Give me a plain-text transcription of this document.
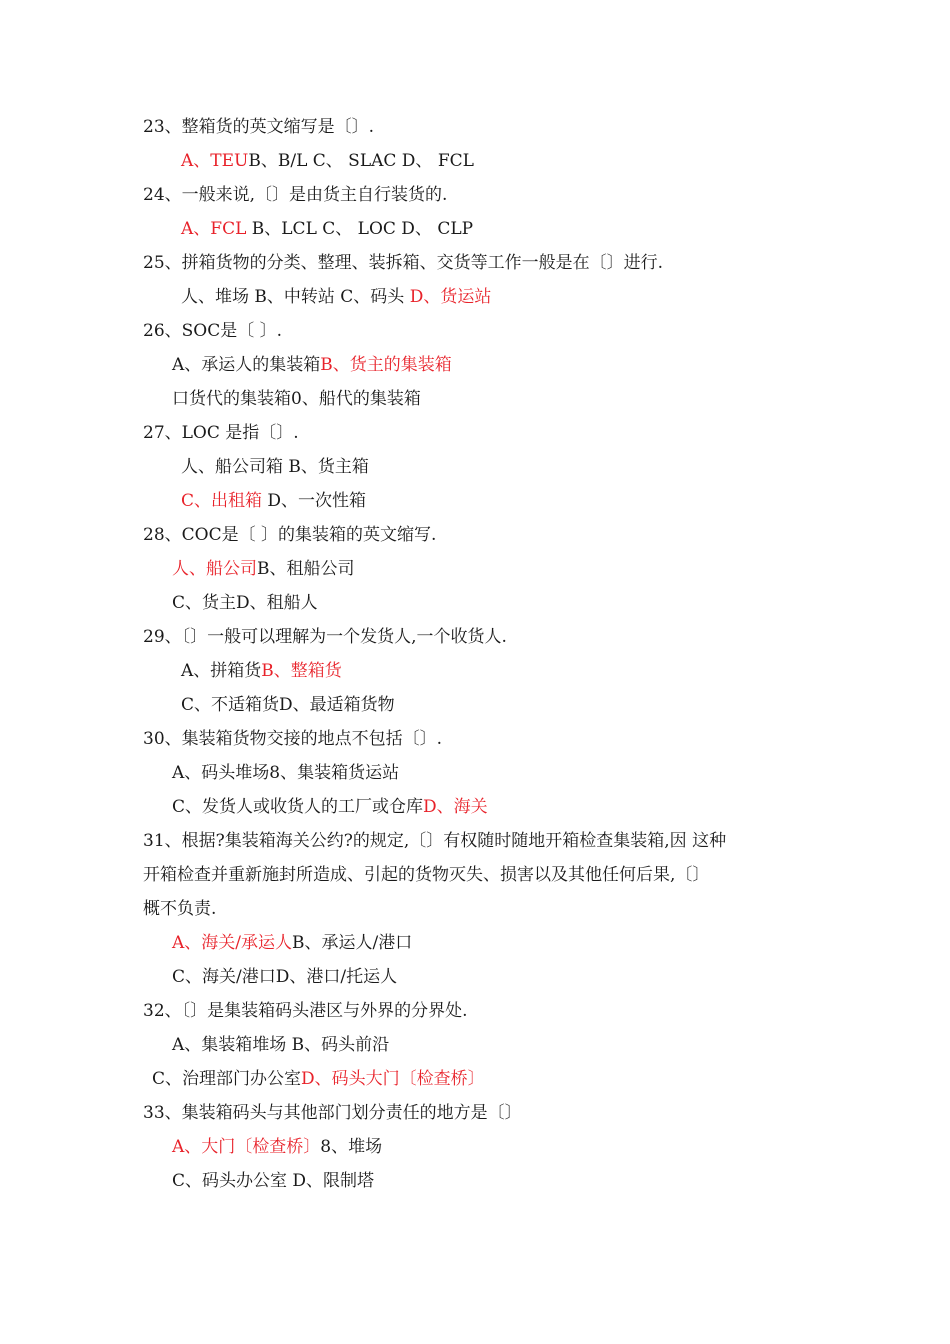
23、整箱货的英文缩写是〔〕.
A、TEUB、B/L C、 SLAC D、 FCL
24、一般来说,〔〕是由货主自行装货的.
A、FCL B、LCL C、 LOC D、 CLP
25、拼箱货物的分类、整理、装拆箱、交货等工作一般是在〔〕进行.
人、堆场 B、中转站 C、码头 D、货运站
26、SOC是〔 〕.
A、承运人的集装箱B、货主的集装箱
口货代的集装箱0、船代的集装箱
27、LOC 是指〔〕.
人、船公司箱 B、货主箱
C、出租箱 D、一次性箱
28、COC是〔 〕的集装箱的英文缩写.
人、船公司B、租船公司
C、货主D、租船人
29、〔〕一般可以理解为一个发货人,一个收货人.
A、拼箱货B、整箱货
C、不适箱货D、最适箱货物
30、集装箱货物交接的地点不包括〔〕.
A、码头堆场8、集装箱货运站
C、发货人或收货人的工厂或仓库D、海关
31、根据?集装箱海关公约?的规定,〔〕有权随时随地开箱检查集装箱,因 这种
开箱检查并重新施封所造成、引起的货物灭失、损害以及其他任何后果,〔〕
概不负责.
A、海关/承运人B、承运人/港口
C、海关/港口D、港口/托运人
32、〔〕是集装箱码头港区与外界的分界处.
A、集装箱堆场 B、码头前沿
C、治理部门办公室D、码头大门〔检查桥〕
33、集装箱码头与其他部门划分责任的地方是〔〕
A、大门〔检查桥〕8、堆场
C、码头办公室 D、限制塔
